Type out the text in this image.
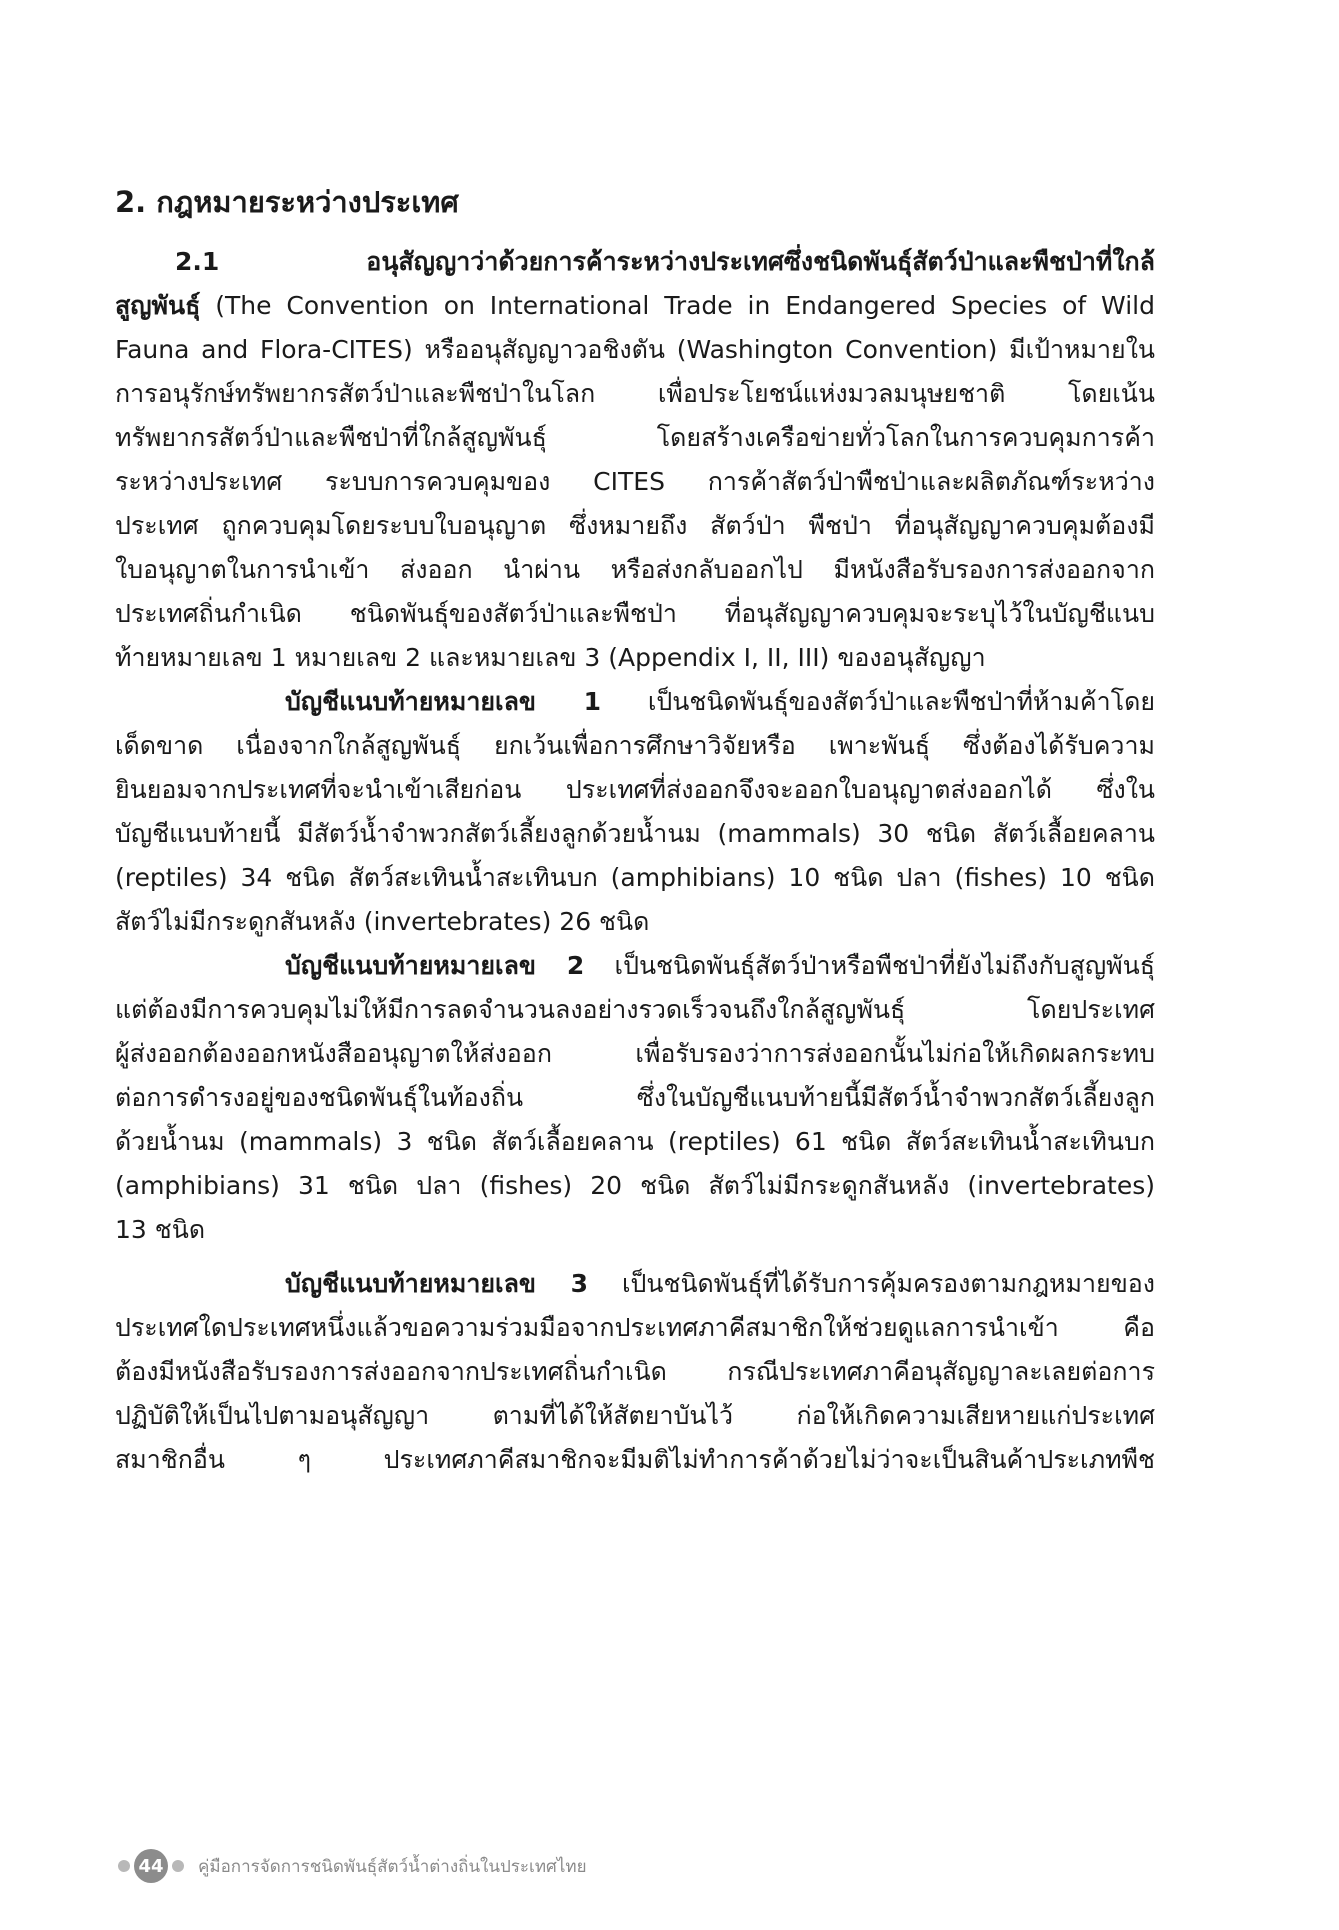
2. กฎหมายระหว่างประเทศ
2.1 อนุสัญญาว่าด้วยการค้าระหว่างประเทศซึ่งชนิดพันธุ์สัตว์ป่าและพืชป่าที่ใกล้
สูญพันธุ์ (The Convention on International Trade in Endangered Species of Wild
Fauna and Flora-CITES) หรืออนุสัญญาวอชิงตัน (Washington Convention) มีเป้าหมายใน
การอนุรักษ์ทรัพยากรสัตว์ป่าและพืชป่าในโลก เพื่อประโยชน์แห่งมวลมนุษยชาติ โดยเน้น
ทรัพยากรสัตว์ป่าและพืชป่าที่ใกล้สูญพันธุ์ โดยสร้างเครือข่ายทั่วโลกในการควบคุมการค้า
ระหว่างประเทศ ระบบการควบคุมของ CITES การค้าสัตว์ป่าพืชป่าและผลิตภัณฑ์ระหว่าง
ประเทศ ถูกควบคุมโดยระบบใบอนุญาต ซึ่งหมายถึง สัตว์ป่า พืชป่า ที่อนุสัญญาควบคุมต้องมี
ใบอนุญาตในการนำเข้า ส่งออก นำผ่าน หรือส่งกลับออกไป มีหนังสือรับรองการส่งออกจาก
ประเทศถิ่นกำเนิด ชนิดพันธุ์ของสัตว์ป่าและพืชป่า ที่อนุสัญญาควบคุมจะระบุไว้ในบัญชีแนบ
ท้ายหมายเลข 1 หมายเลข 2 และหมายเลข 3 (Appendix I, II, III) ของอนุสัญญา
บัญชีแนบท้ายหมายเลข 1 เป็นชนิดพันธุ์ของสัตว์ป่าและพืชป่าที่ห้ามค้าโดย
เด็ดขาด เนื่องจากใกล้สูญพันธุ์ ยกเว้นเพื่อการศึกษาวิจัยหรือ เพาะพันธุ์ ซึ่งต้องได้รับความ
ยินยอมจากประเทศที่จะนำเข้าเสียก่อน ประเทศที่ส่งออกจึงจะออกใบอนุญาตส่งออกได้ ซึ่งใน
บัญชีแนบท้ายนี้ มีสัตว์น้ำจำพวกสัตว์เลี้ยงลูกด้วยน้ำนม (mammals) 30 ชนิด สัตว์เลื้อยคลาน
(reptiles) 34 ชนิด สัตว์สะเทินน้ำสะเทินบก (amphibians) 10 ชนิด ปลา (fishes) 10 ชนิด
สัตว์ไม่มีกระดูกสันหลัง (invertebrates) 26 ชนิด
บัญชีแนบท้ายหมายเลข 2 เป็นชนิดพันธุ์สัตว์ป่าหรือพืชป่าที่ยังไม่ถึงกับสูญพันธุ์
แต่ต้องมีการควบคุมไม่ให้มีการลดจำนวนลงอย่างรวดเร็วจนถึงใกล้สูญพันธุ์ โดยประเทศ
ผู้ส่งออกต้องออกหนังสืออนุญาตให้ส่งออก เพื่อรับรองว่าการส่งออกนั้นไม่ก่อให้เกิดผลกระทบ
ต่อการดำรงอยู่ของชนิดพันธุ์ในท้องถิ่น ซึ่งในบัญชีแนบท้ายนี้มีสัตว์น้ำจำพวกสัตว์เลี้ยงลูก
ด้วยน้ำนม (mammals) 3 ชนิด สัตว์เลื้อยคลาน (reptiles) 61 ชนิด สัตว์สะเทินน้ำสะเทินบก
(amphibians) 31 ชนิด ปลา (fishes) 20 ชนิด สัตว์ไม่มีกระดูกสันหลัง (invertebrates)
13 ชนิด
บัญชีแนบท้ายหมายเลข 3 เป็นชนิดพันธุ์ที่ได้รับการคุ้มครองตามกฎหมายของ
ประเทศใดประเทศหนึ่งแล้วขอความร่วมมือจากประเทศภาคีสมาชิกให้ช่วยดูแลการนำเข้า คือ
ต้องมีหนังสือรับรองการส่งออกจากประเทศถิ่นกำเนิด กรณีประเทศภาคีอนุสัญญาละเลยต่อการ
ปฏิบัติให้เป็นไปตามอนุสัญญา ตามที่ได้ให้สัตยาบันไว้ ก่อให้เกิดความเสียหายแก่ประเทศ
สมาชิกอื่น ๆ ประเทศภาคีสมาชิกจะมีมติไม่ทำการค้าด้วยไม่ว่าจะเป็นสินค้าประเภทพืช
44 คู่มือการจัดการชนิดพันธุ์สัตว์น้ำต่างถิ่นในประเทศไทย
